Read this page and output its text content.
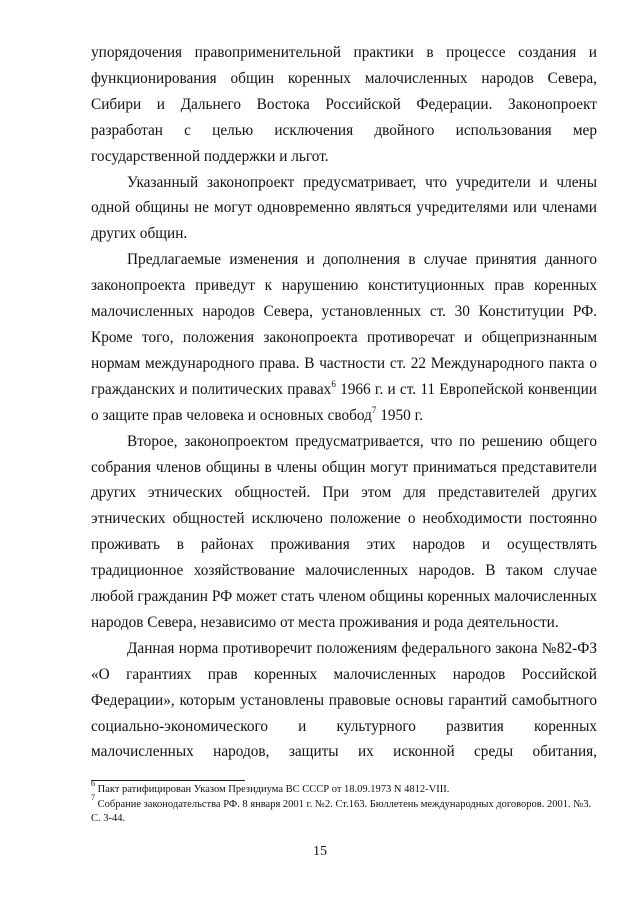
упорядочения правоприменительной практики в процессе создания и
функционирования общин коренных малочисленных народов Севера,
Сибири и Дальнего Востока Российской Федерации. Законопроект
разработан с целью исключения двойного использования мер
государственной поддержки и льгот.

Указанный законопроект предусматривает, что учредители и члены
одной общины не могут одновременно являться учредителями или членами
других общин.

Предлагаемые изменения и дополнения в случае принятия данного
законопроекта приведут к нарушению конституционных прав коренных
малочисленных народов Севера, установленных ст. 30 Конституции РФ.
Кроме того, положения законопроекта противоречат и общепризнанным
нормам международного права. В частности ст. 22 Международного пакта о
гражданских и политических правах$^6$ 1966 г. и ст. 11 Европейской конвенции
о защите прав человека и основных свобод$^7$ 1950 г.

Второе, законопроектом предусматривается, что по решению общего
собрания членов общины в члены общин могут приниматься представители
других этнических общностей. При этом для представителей других
этнических общностей исключено положение о необходимости постоянно
проживать в районах проживания этих народов и осуществлять
традиционное хозяйствование малочисленных народов. В таком случае
любой гражданин РФ может стать членом общины коренных малочисленных
народов Севера, независимо от места проживания и рода деятельности.

Данная норма противоречит положениям федерального закона №82-ФЗ
«О гарантиях прав коренных малочисленных народов Российской
Федерации», которым установлены правовые основы гарантий самобытного
социально-экономического и культурного развития коренных
малочисленных народов, защиты их исконной среды обитания,

$^6$ Пакт ратифицирован Указом Президиума ВС СССР от 18.09.1973 N 4812-VIII.

$^7$ Собрание законодательства РФ. 8 января 2001 г. №2. Ст.163. Бюллетень международных договоров. 2001. №3. С. 3-44.

15
